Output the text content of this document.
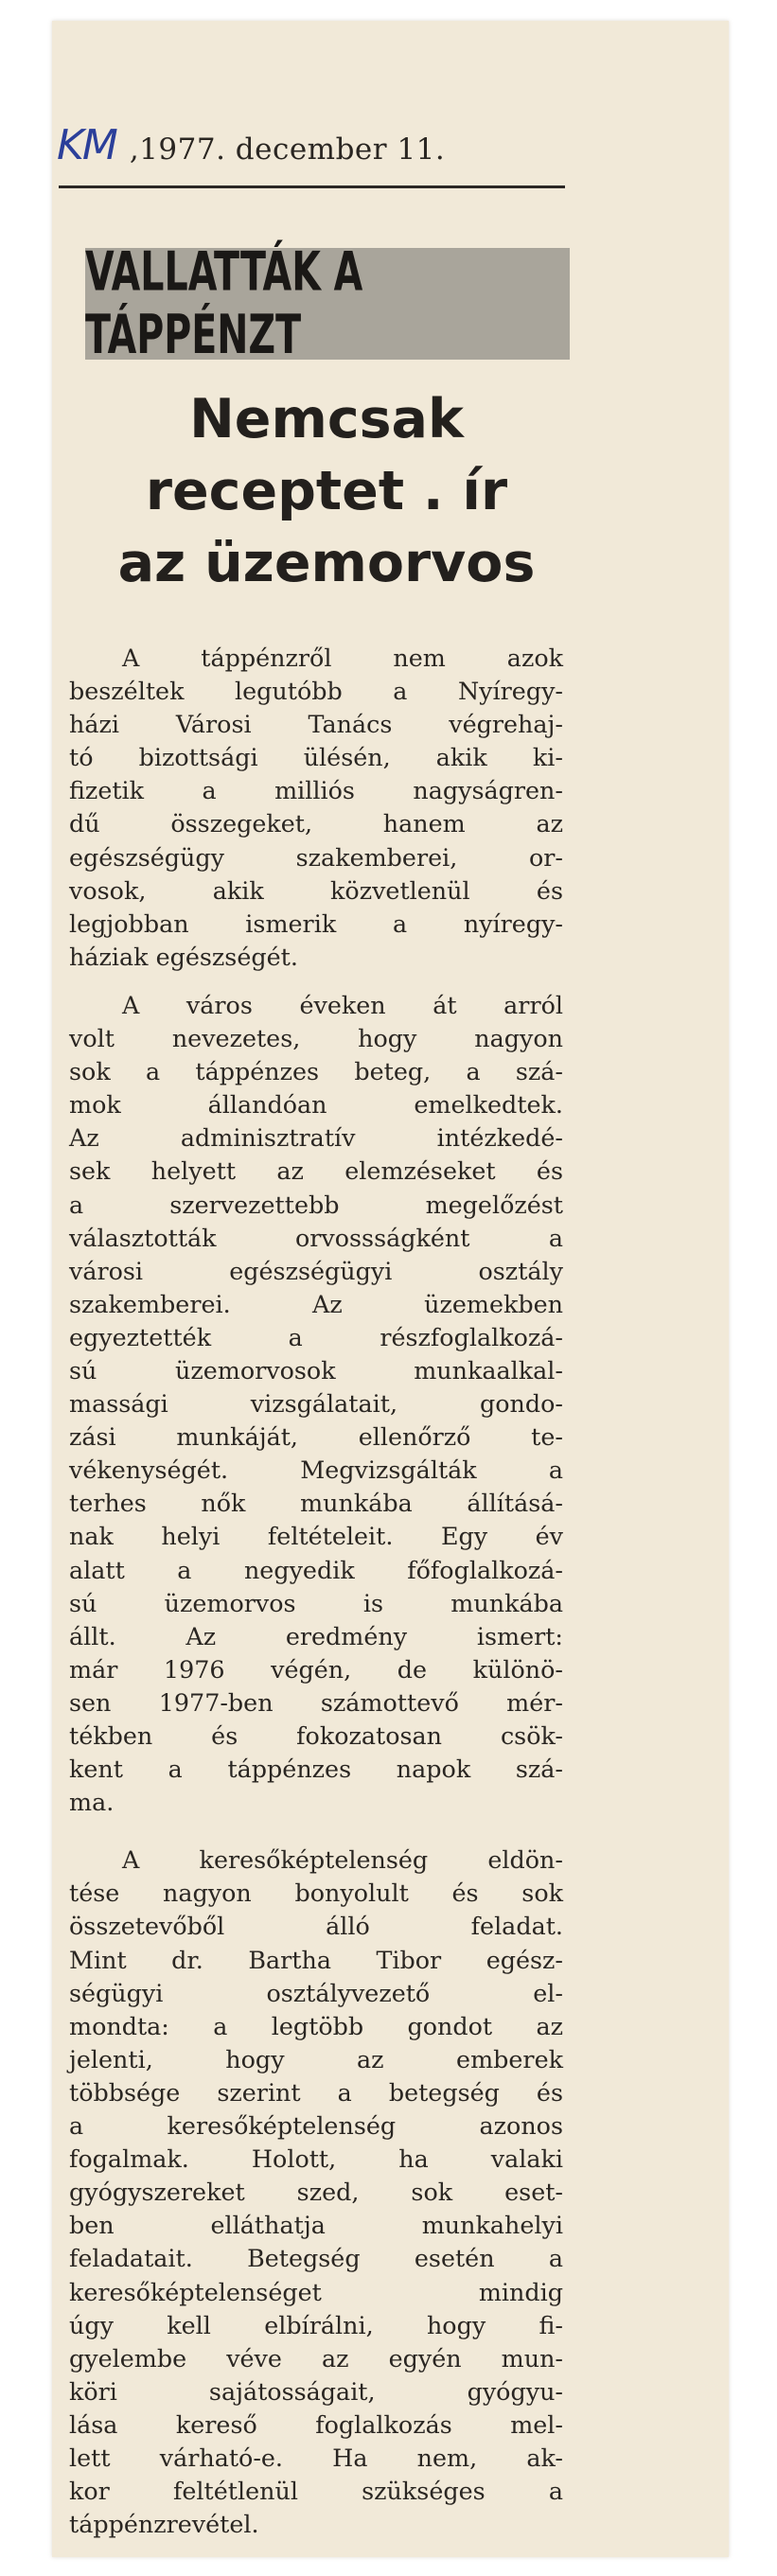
KM ,1977. december 11.
VALLATTÁK A TÁPPÉNZT
Nemcsak
receptet . ír
az üzemorvos
A táppénzről nem azok
beszéltek legutóbb a Nyíregy-
házi Városi Tanács végrehaj-
tó bizottsági ülésén, akik ki-
fizetik a milliós nagyságren-
dű összegeket, hanem az
egészségügy szakemberei, or-
vosok, akik közvetlenül és
legjobban ismerik a nyíregy-
háziak egészségét.
A város éveken át arról
volt nevezetes, hogy nagyon
sok a táppénzes beteg, a szá-
mok állandóan emelkedtek.
Az adminisztratív intézkedé-
sek helyett az elemzéseket és
a szervezettebb megelőzést
választották orvossságként a
városi egészségügyi osztály
szakemberei. Az üzemekben
egyeztették a részfoglalkozá-
sú üzemorvosok munkaalkal-
massági vizsgálatait, gondo-
zási munkáját, ellenőrző te-
vékenységét. Megvizsgálták a
terhes nők munkába állításá-
nak helyi feltételeit. Egy év
alatt a negyedik főfoglalkozá-
sú üzemorvos is munkába
állt. Az eredmény ismert:
már 1976 végén, de különö-
sen 1977-ben számottevő mér-
tékben és fokozatosan csök-
kent a táppénzes napok szá-
ma.
A keresőképtelenség eldön-
tése nagyon bonyolult és sok
összetevőből álló feladat.
Mint dr. Bartha Tibor egész-
ségügyi osztályvezető el-
mondta: a legtöbb gondot az
jelenti, hogy az emberek
többsége szerint a betegség és
a keresőképtelenség azonos
fogalmak. Holott, ha valaki
gyógyszereket szed, sok eset-
ben elláthatja munkahelyi
feladatait. Betegség esetén a
keresőképtelenséget mindig
úgy kell elbírálni, hogy fi-
gyelembe véve az egyén mun-
köri sajátosságait, gyógyu-
lása kereső foglalkozás mel-
lett várható-e. Ha nem, ak-
kor feltétlenül szükséges a
táppénzrevétel.
